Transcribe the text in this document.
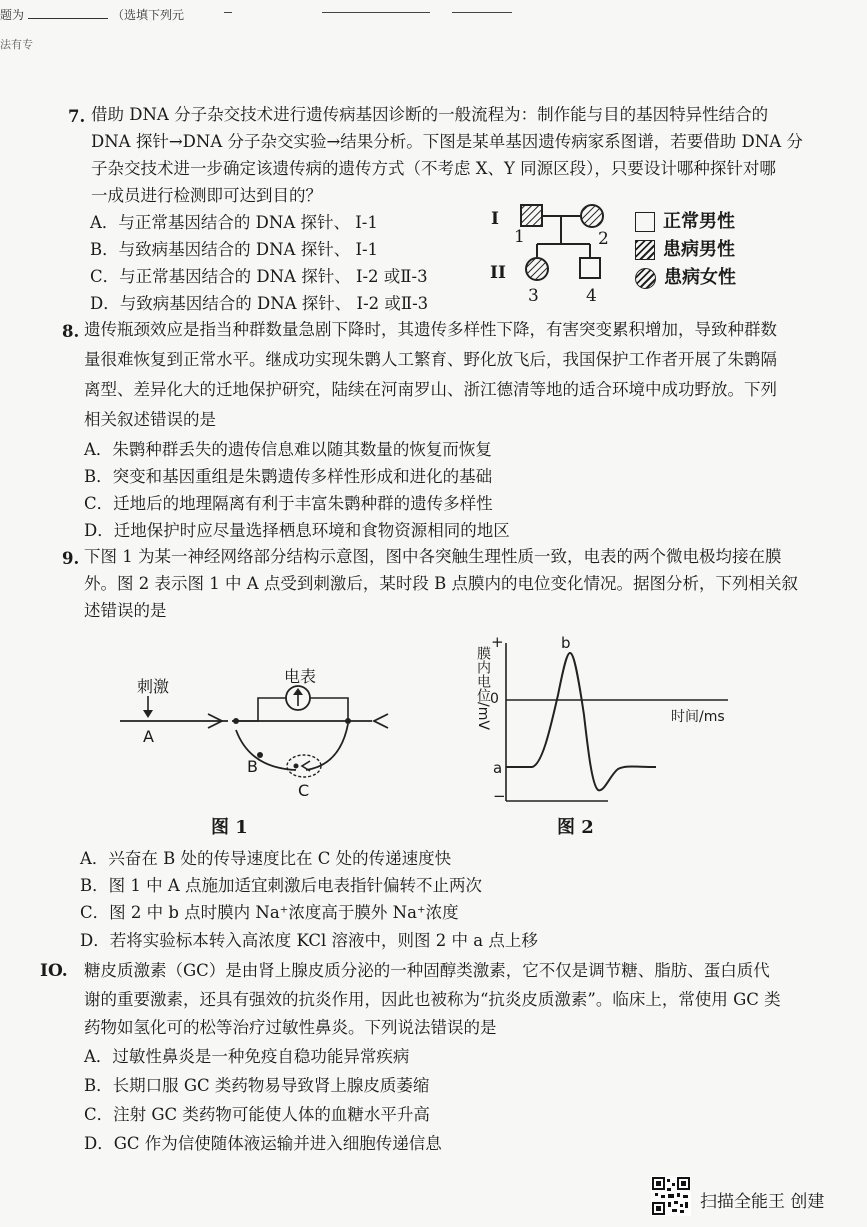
题为	（选填下列元
法有专
7. 借助 DNA 分子杂交技术进行遗传病基因诊断的一般流程为：制作能与目的基因特异性结合的
DNA 探针→DNA 分子杂交实验→结果分析。下图是某单基因遗传病家系图谱，若要借助 DNA 分
子杂交技术进一步确定该遗传病的遗传方式（不考虑 X、Y 同源区段），只要设计哪种探针对哪
一成员进行检测即可达到目的？
A．与正常基因结合的 DNA 探针、 Ⅰ-1
B．与致病基因结合的 DNA 探针、 Ⅰ-1
C．与正常基因结合的 DNA 探针、 Ⅰ-2 或Ⅱ-3
D．与致病基因结合的 DNA 探针、 Ⅰ-2 或Ⅱ-3
I
II
1	2
3	4
正常男性
患病男性
患病女性
8. 遗传瓶颈效应是指当种群数量急剧下降时，其遗传多样性下降，有害突变累积增加，导致种群数
量很难恢复到正常水平。继成功实现朱鹮人工繁育、野化放飞后，我国保护工作者开展了朱鹮隔
离型、差异化大的迁地保护研究，陆续在河南罗山、浙江德清等地的适合环境中成功野放。下列
相关叙述错误的是
A．朱鹮种群丢失的遗传信息难以随其数量的恢复而恢复
B．突变和基因重组是朱鹮遗传多样性形成和进化的基础
C．迁地后的地理隔离有利于丰富朱鹮种群的遗传多样性
D．迁地保护时应尽量选择栖息环境和食物资源相同的地区
9. 下图 1 为某一神经网络部分结构示意图，图中各突触生理性质一致，电表的两个微电极均接在膜
外。图 2 表示图 1 中 A 点受到刺激后，某时段 B 点膜内的电位变化情况。据图分析，下列相关叙
述错误的是
刺激
电表
A
B
C
图 1
+
−
0
a
b
膜内电位/mV	时间/ms
图 2
A．兴奋在 B 处的传导速度比在 C 处的传递速度快
B．图 1 中 A 点施加适宜刺激后电表指针偏转不止两次
C．图 2 中 b 点时膜内 Na⁺浓度高于膜外 Na⁺浓度
D．若将实验标本转入高浓度 KCl 溶液中，则图 2 中 a 点上移
IO. 糖皮质激素（GC）是由肾上腺皮质分泌的一种固醇类激素，它不仅是调节糖、脂肪、蛋白质代
谢的重要激素，还具有强效的抗炎作用，因此也被称为“抗炎皮质激素”。临床上，常使用 GC 类
药物如氢化可的松等治疗过敏性鼻炎。下列说法错误的是
A．过敏性鼻炎是一种免疫自稳功能异常疾病
B．长期口服 GC 类药物易导致肾上腺皮质萎缩
C．注射 GC 类药物可能使人体的血糖水平升高
D．GC 作为信使随体液运输并进入细胞传递信息
扫描全能王 创建
